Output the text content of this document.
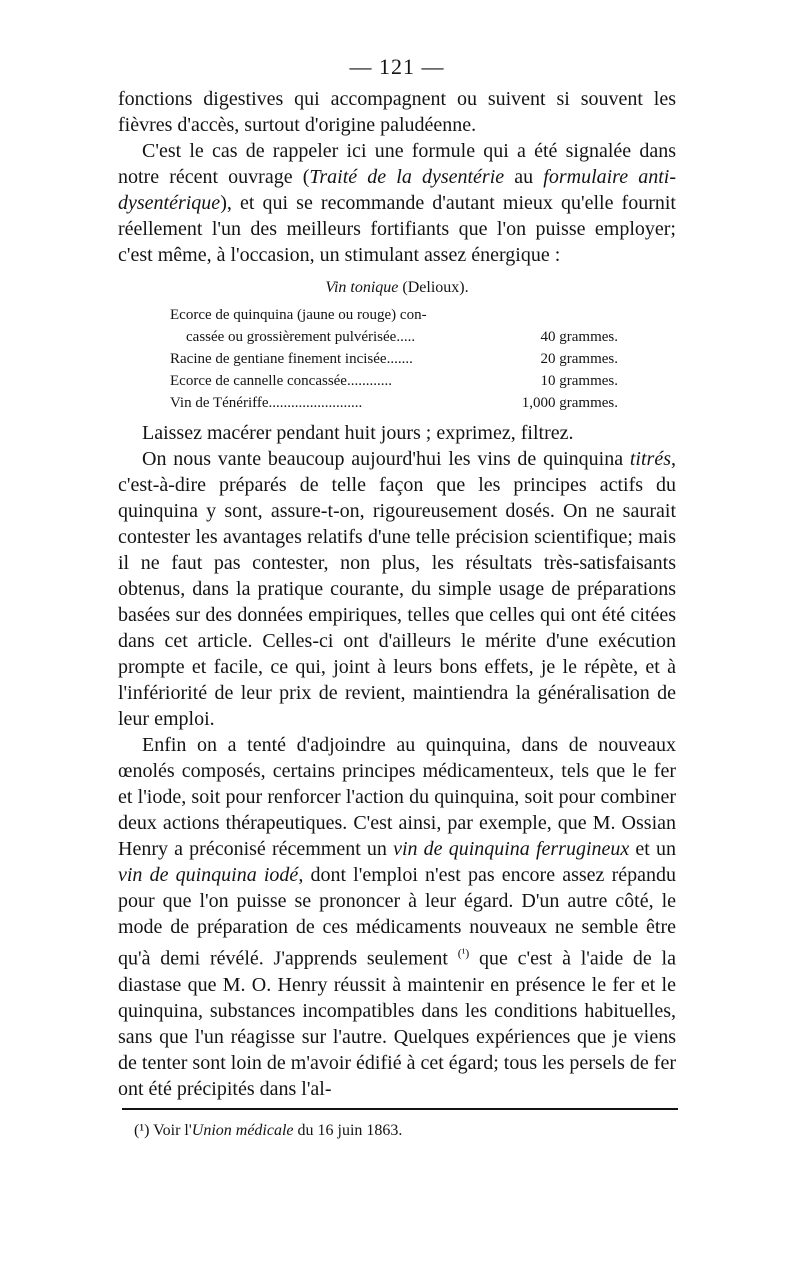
— 121 —

fonctions digestives qui accompagnent ou suivent si souvent les fièvres d'accès, surtout d'origine paludéenne.

C'est le cas de rappeler ici une formule qui a été signalée dans notre récent ouvrage (Traité de la dysentérie au formulaire anti-dysentérique), et qui se recommande d'autant mieux qu'elle fournit réellement l'un des meilleurs fortifiants que l'on puisse employer; c'est même, à l'occasion, un stimulant assez énergique :

Vin tonique (Delioux).
Ecorce de quinquina (jaune ou rouge) con-
cassée ou grossièrement pulvérisée.....	40 grammes.
Racine de gentiane finement incisée.......	20 grammes.
Ecorce de cannelle concassée............	10 grammes.
Vin de Ténériffe.........................	1,000 grammes.

Laissez macérer pendant huit jours ; exprimez, filtrez.

On nous vante beaucoup aujourd'hui les vins de quinquina titrés, c'est-à-dire préparés de telle façon que les principes actifs du quinquina y sont, assure-t-on, rigoureusement dosés. On ne saurait contester les avantages relatifs d'une telle précision scientifique; mais il ne faut pas contester, non plus, les résultats très-satisfaisants obtenus, dans la pratique courante, du simple usage de préparations basées sur des données empiriques, telles que celles qui ont été citées dans cet article. Celles-ci ont d'ailleurs le mérite d'une exécution prompte et facile, ce qui, joint à leurs bons effets, je le répète, et à l'infériorité de leur prix de revient, maintiendra la généralisation de leur emploi.

Enfin on a tenté d'adjoindre au quinquina, dans de nouveaux œnolés composés, certains principes médicamenteux, tels que le fer et l'iode, soit pour renforcer l'action du quinquina, soit pour combiner deux actions thérapeutiques. C'est ainsi, par exemple, que M. Ossian Henry a préconisé récemment un vin de quinquina ferrugineux et un vin de quinquina iodé, dont l'emploi n'est pas encore assez répandu pour que l'on puisse se prononcer à leur égard. D'un autre côté, le mode de préparation de ces médicaments nouveaux ne semble être qu'à demi révélé. J'apprends seulement $^{(^1)}$ que c'est à l'aide de la diastase que M. O. Henry réussit à maintenir en présence le fer et le quinquina, substances incompatibles dans les conditions habituelles, sans que l'un réagisse sur l'autre. Quelques expériences que je viens de tenter sont loin de m'avoir édifié à cet égard; tous les persels de fer ont été précipités dans l'al-

(¹) Voir l'Union médicale du 16 juin 1863.
